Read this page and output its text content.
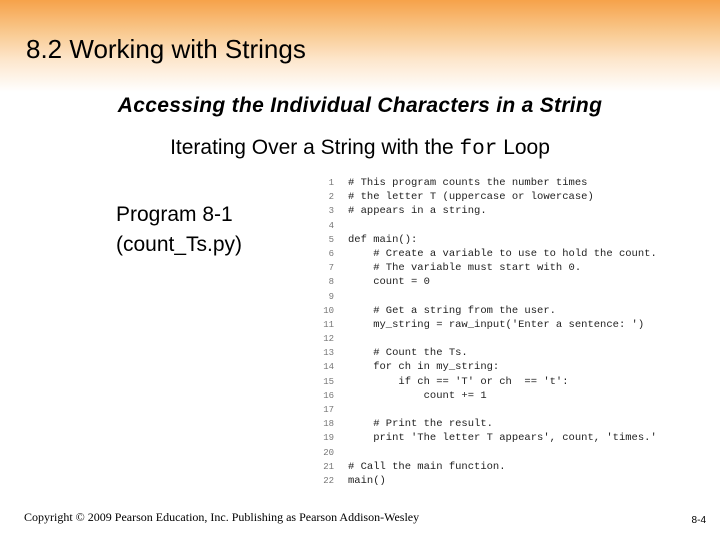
8.2 Working with Strings
Accessing the Individual Characters in a String
Iterating Over a String with the for Loop
Program 8-1
(count_Ts.py)
1 # This program counts the number times
2 # the letter T (uppercase or lowercase)
3 # appears in a string.
4
5 def main():
6    # Create a variable to use to hold the count.
7    # The variable must start with 0.
8    count = 0
9
10    # Get a string from the user.
11    my_string = raw_input('Enter a sentence: ')
12
13    # Count the Ts.
14    for ch in my_string:
15        if ch == 'T' or ch  == 't':
16            count += 1
17
18    # Print the result.
19    print 'The letter T appears', count, 'times.'
20
21 # Call the main function.
22 main()
Copyright © 2009 Pearson Education, Inc. Publishing as Pearson Addison-Wesley	8-4
